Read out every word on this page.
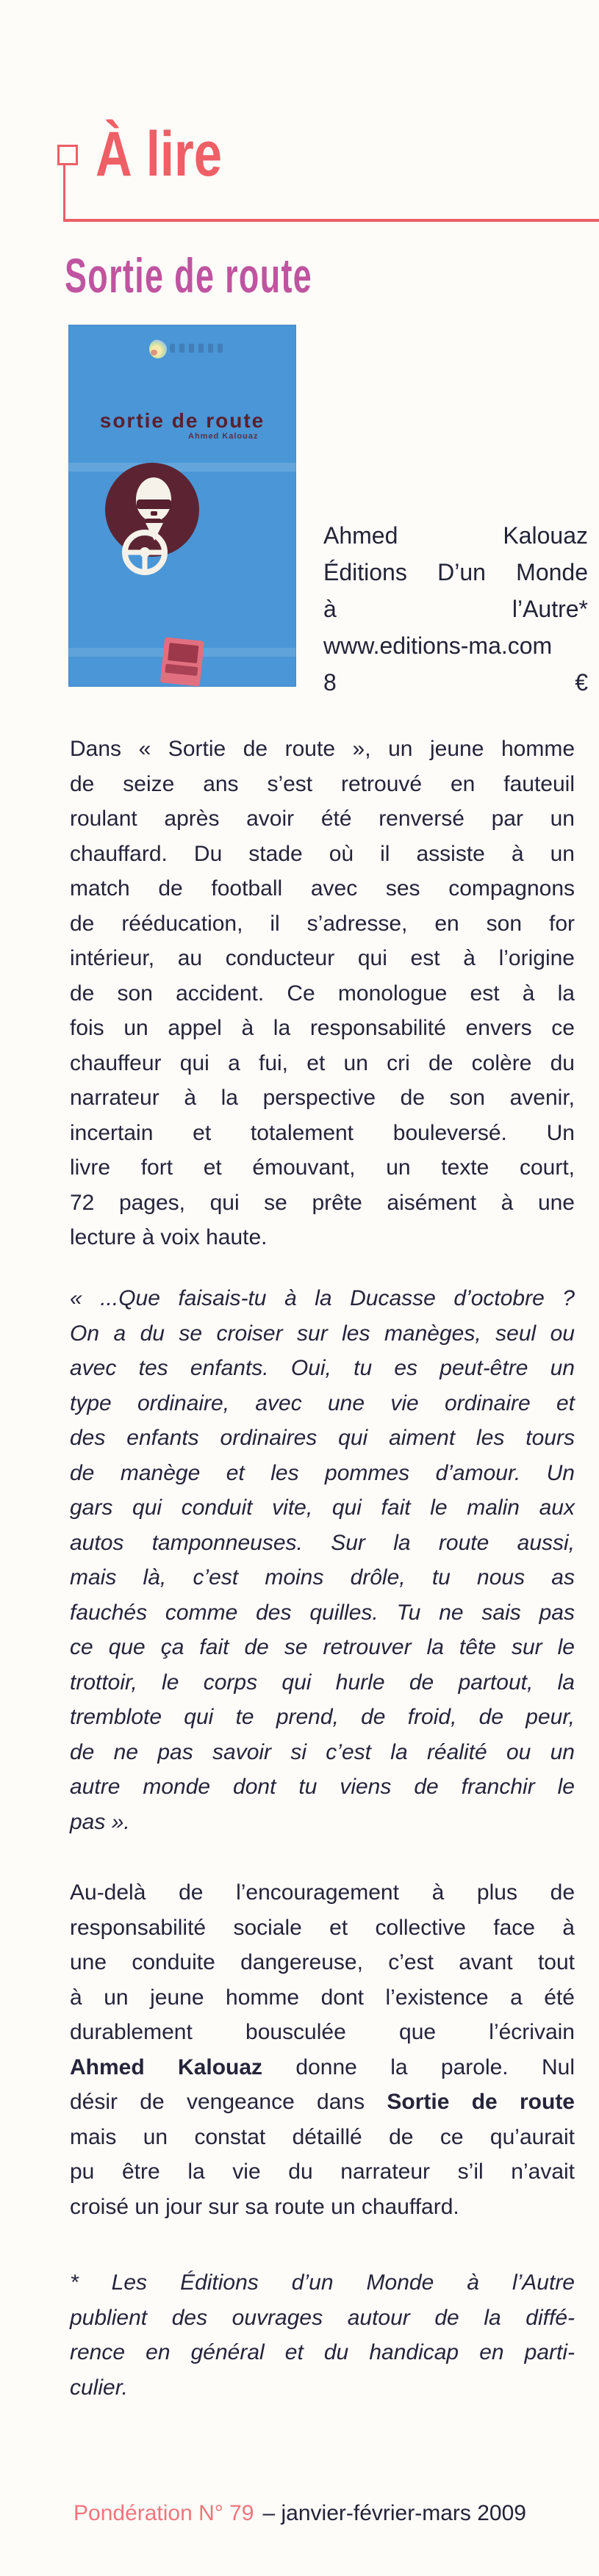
À lire
Sortie de route
sortie de route
Ahmed Kalouaz
Ahmed Kalouaz
Éditions D’un Monde
à l’Autre*
www.editions-ma.com
8 €
Dans « Sortie de route », un jeune homme
de seize ans s’est retrouvé en fauteuil
roulant après avoir été renversé par un
chauffard. Du stade où il assiste à un
match de football avec ses compagnons
de rééducation, il s’adresse, en son for
intérieur, au conducteur qui est à l’origine
de son accident. Ce monologue est à la
fois un appel à la responsabilité envers ce
chauffeur qui a fui, et un cri de colère du
narrateur à la perspective de son avenir,
incertain et totalement bouleversé. Un
livre fort et émouvant, un texte court,
72 pages, qui se prête aisément à une
lecture à voix haute.
« ...Que faisais-tu à la Ducasse d’octobre ?
On a du se croiser sur les manèges, seul ou
avec tes enfants. Oui, tu es peut-être un
type ordinaire, avec une vie ordinaire et
des enfants ordinaires qui aiment les tours
de manège et les pommes d’amour. Un
gars qui conduit vite, qui fait le malin aux
autos tamponneuses. Sur la route aussi,
mais là, c’est moins drôle, tu nous as
fauchés comme des quilles. Tu ne sais pas
ce que ça fait de se retrouver la tête sur le
trottoir, le corps qui hurle de partout, la
tremblote qui te prend, de froid, de peur,
de ne pas savoir si c’est la réalité ou un
autre monde dont tu viens de franchir le
pas ».
Au-delà de l’encouragement à plus de
responsabilité sociale et collective face à
une conduite dangereuse, c’est avant tout
à un jeune homme dont l’existence a été
durablement bousculée que l’écrivain
Ahmed Kalouaz donne la parole. Nul
désir de vengeance dans Sortie de route
mais un constat détaillé de ce qu’aurait
pu être la vie du narrateur s’il n’avait
croisé un jour sur sa route un chauffard.
* Les Éditions d’un Monde à l’Autre
publient des ouvrages autour de la diffé-
rence en général et du handicap en parti-
culier.
Pondération N° 79 – janvier-février-mars 2009
